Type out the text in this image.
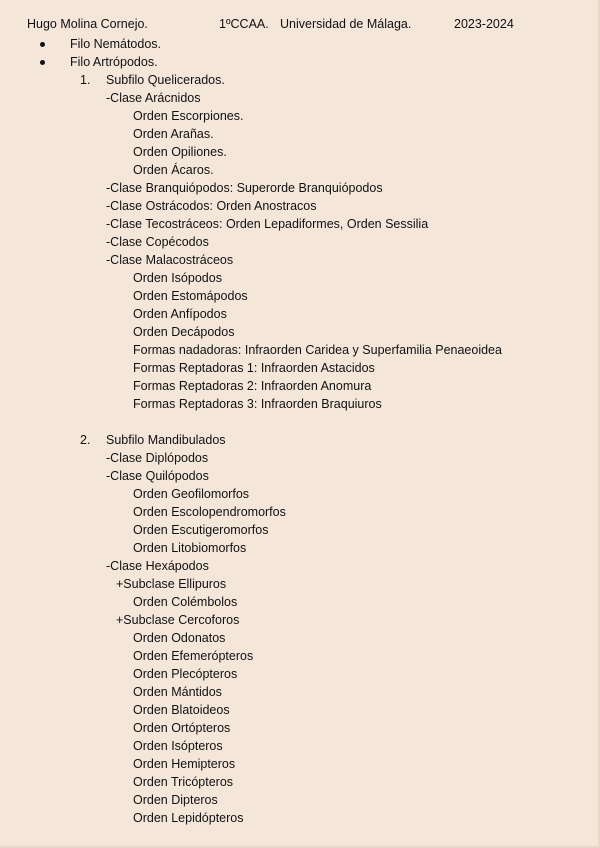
Hugo Molina Cornejo.	1ºCCAA. Universidad de Málaga.	2023-2024
Filo Nemátodos.
Filo Artrópodos.
1. Subfilo Quelicerados.
-Clase Arácnidos
Orden Escorpiones.
Orden Arañas.
Orden Opiliones.
Orden Ácaros.
-Clase Branquiópodos: Superorde Branquiópodos
-Clase Ostrácodos: Orden Anostracos
-Clase Tecostráceos: Orden Lepadiformes, Orden Sessilia
-Clase Copécodos
-Clase Malacostráceos
Orden Isópodos
Orden Estomápodos
Orden Anfípodos
Orden Decápodos
Formas nadadoras: Infraorden Caridea y Superfamilia Penaeoidea
Formas Reptadoras 1: Infraorden Astacidos
Formas Reptadoras 2: Infraorden Anomura
Formas Reptadoras 3: Infraorden Braquiuros
2. Subfilo Mandibulados
-Clase Diplópodos
-Clase Quilópodos
Orden Geofilomorfos
Orden Escolopendromorfos
Orden Escutigeromorfos
Orden Litobiomorfos
-Clase Hexápodos
+Subclase Ellipuros
Orden Colémbolos
+Subclase Cercoforos
Orden Odonatos
Orden Efemerópteros
Orden Plecópteros
Orden Mántidos
Orden Blatoideos
Orden Ortópteros
Orden Isópteros
Orden Hemipteros
Orden Tricópteros
Orden Dipteros
Orden Lepidópteros
